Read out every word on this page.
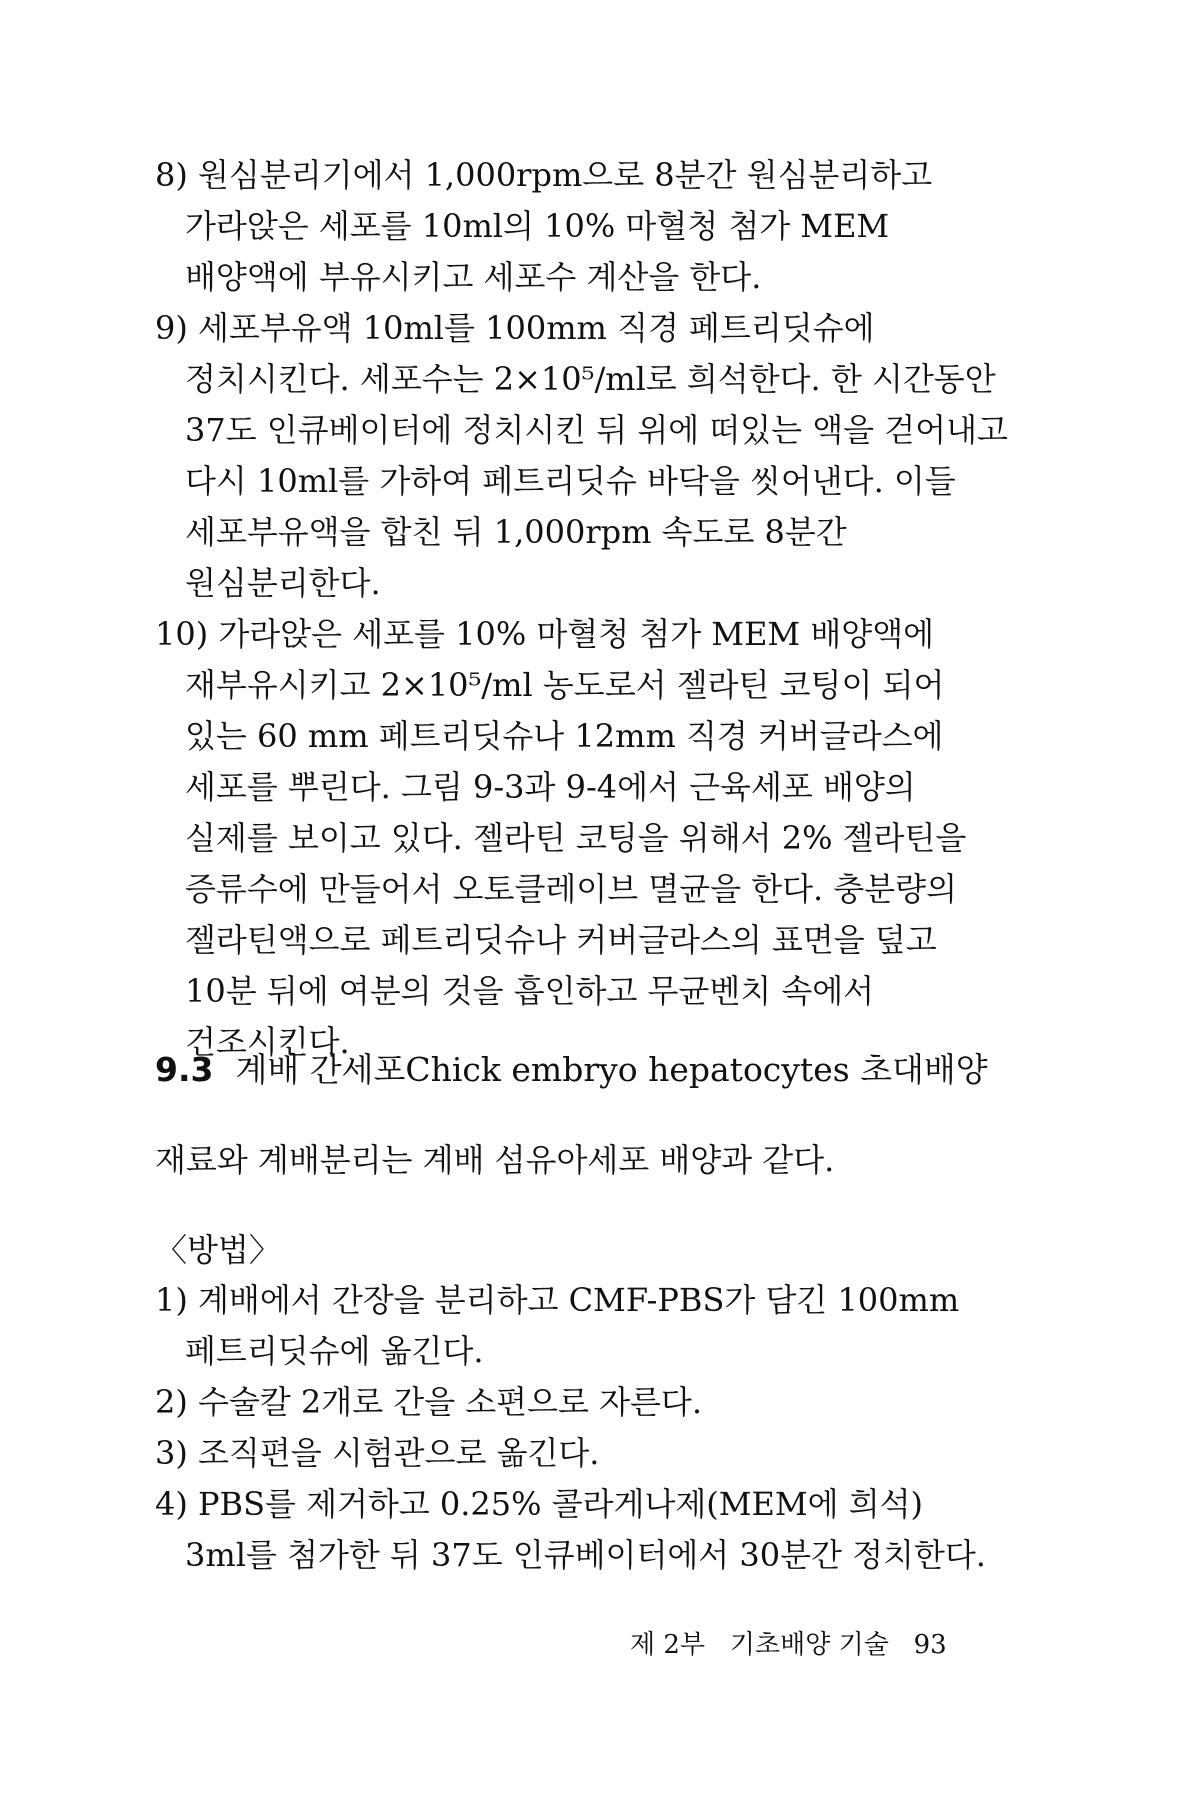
8) 원심분리기에서 1,000rpm으로 8분간 원심분리하고 가라앉은 세포를 10ml의 10% 마혈청 첨가 MEM 배양액에 부유시키고 세포수 계산을 한다.

9) 세포부유액 10ml를 100mm 직경 페트리딧슈에 정치시킨다. 세포수는 2×10⁵/ml로 희석한다. 한 시간동안 37도 인큐베이터에 정치시킨 뒤 위에 떠있는 액을 걷어내고 다시 10ml를 가하여 페트리딧슈 바닥을 씻어낸다. 이들 세포부유액을 합친 뒤 1,000rpm 속도로 8분간 원심분리한다.

10) 가라앉은 세포를 10% 마혈청 첨가 MEM 배양액에 재부유시키고 2×10⁵/ml 농도로서 젤라틴 코팅이 되어 있는 60 mm 페트리딧슈나 12mm 직경 커버글라스에 세포를 뿌린다. 그림 9-3과 9-4에서 근육세포 배양의 실제를 보이고 있다. 젤라틴 코팅을 위해서 2% 젤라틴을 증류수에 만들어서 오토클레이브 멸균을 한다. 충분량의 젤라틴액으로 페트리딧슈나 커버글라스의 표면을 덮고 10분 뒤에 여분의 것을 흡인하고 무균벤치 속에서 건조시킨다.

9.3 계배 간세포Chick embryo hepatocytes 초대배양

재료와 계배분리는 계배 섬유아세포 배양과 같다.

〈방법〉

1) 계배에서 간장을 분리하고 CMF-PBS가 담긴 100mm 페트리딧슈에 옮긴다.

2) 수술칼 2개로 간을 소편으로 자른다.

3) 조직편을 시험관으로 옮긴다.

4) PBS를 제거하고 0.25% 콜라게나제(MEM에 희석) 3ml를 첨가한 뒤 37도 인큐베이터에서 30분간 정치한다.

제 2부 기초배양 기술 93
